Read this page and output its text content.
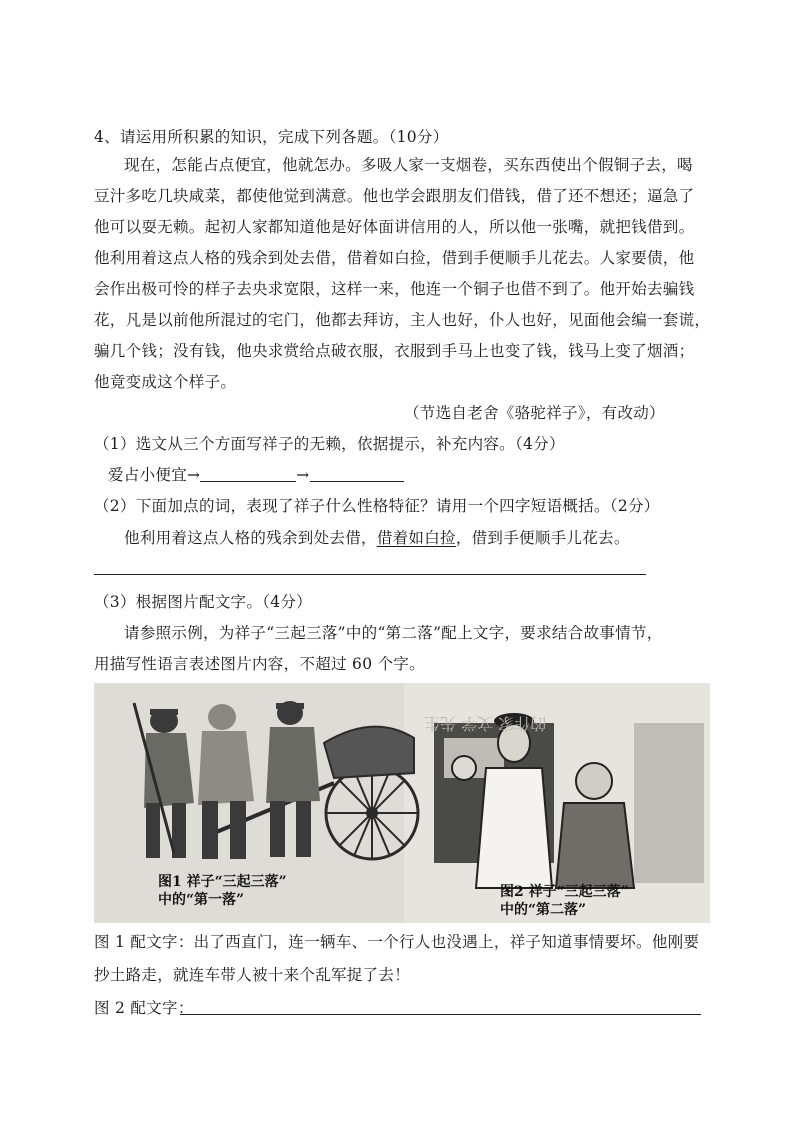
4、请运用所积累的知识，完成下列各题。（10分）
现在，怎能占点便宜，他就怎办。多吸人家一支烟卷，买东西使出个假铜子去，喝
豆汁多吃几块咸菜，都使他觉到满意。他也学会跟朋友们借钱，借了还不想还；逼急了
他可以耍无赖。起初人家都知道他是好体面讲信用的人，所以他一张嘴，就把钱借到。
他利用着这点人格的残余到处去借，借着如白捡，借到手便顺手儿花去。人家要债，他
会作出极可怜的样子去央求宽限，这样一来，他连一个铜子也借不到了。他开始去骗钱
花，凡是以前他所混过的宅门，他都去拜访，主人也好，仆人也好，见面他会编一套谎，
骗几个钱；没有钱，他央求赏给点破衣服，衣服到手马上也变了钱，钱马上变了烟酒；
他竟变成这个样子。
（节选自老舍《骆驼祥子》，有改动）
（1）选文从三个方面写祥子的无赖，依据提示，补充内容。（4分）
爱占小便宜→	→
（2）下面加点的词，表现了祥子什么性格特征？请用一个四字短语概括。（2分）
他利用着这点人格的残余到处去借，借着如白捡，借到手便顺手儿花去。
（3）根据图片配文字。（4分）
请参照示例，为祥子“三起三落”中的“第二落”配上文字，要求结合故事情节，
用描写性语言表述图片内容，不超过 60 个字。
的作家 文学 先生
图1 祥子“三起三落”
中的“第一落”	图2 祥子“三起三落”
中的“第二落”
图 1 配文字：出了西直门，连一辆车、一个行人也没遇上，祥子知道事情要坏。他刚要
抄土路走，就连车带人被十来个乱军捉了去！
图 2 配文字：
